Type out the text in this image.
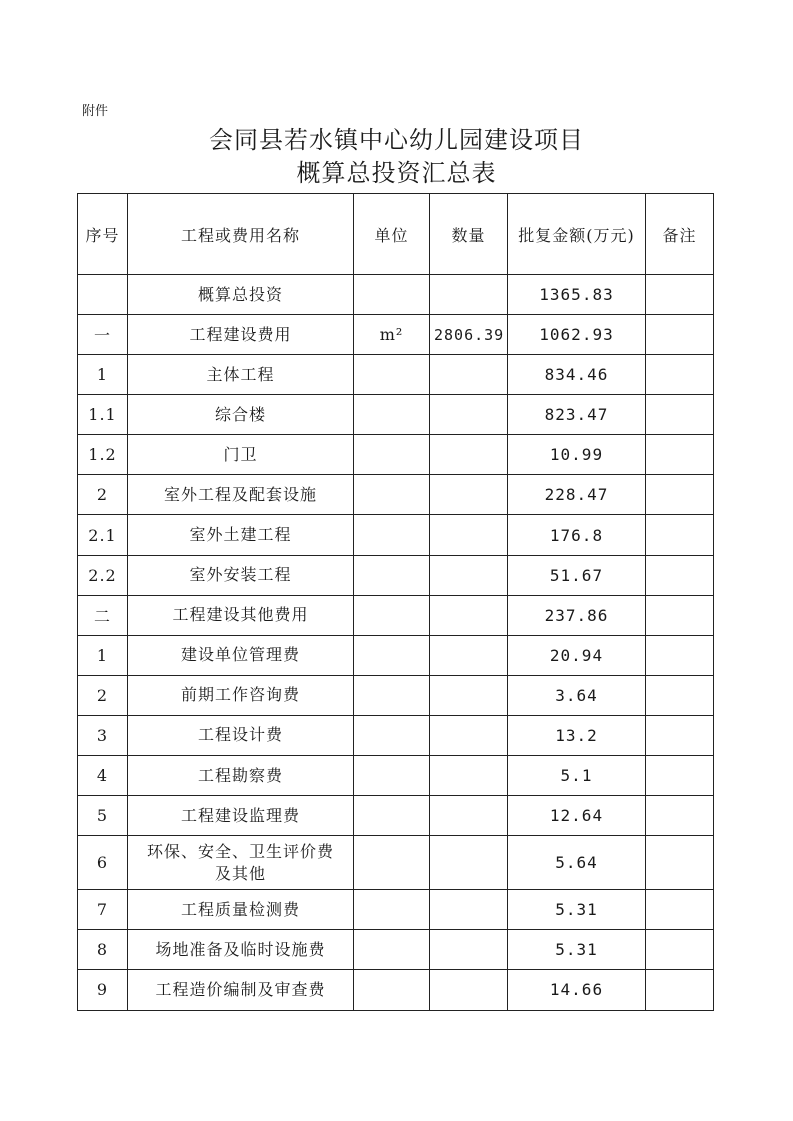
附件
会同县若水镇中心幼儿园建设项目
概算总投资汇总表
序号	工程或费用名称	单位	数量	批复金额(万元)	备注
	概算总投资			1365.83	
一	工程建设费用	m²	2806.39	1062.93	
1	主体工程			834.46	
1.1	综合楼			823.47	
1.2	门卫			10.99	
2	室外工程及配套设施			228.47	
2.1	室外土建工程			176.8	
2.2	室外安装工程			51.67	
二	工程建设其他费用			237.86	
1	建设单位管理费			20.94	
2	前期工作咨询费			3.64	
3	工程设计费			13.2	
4	工程勘察费			5.1	
5	工程建设监理费			12.64	
6	环保、安全、卫生评价费
及其他			5.64	
7	工程质量检测费			5.31	
8	场地准备及临时设施费			5.31	
9	工程造价编制及审查费			14.66	
